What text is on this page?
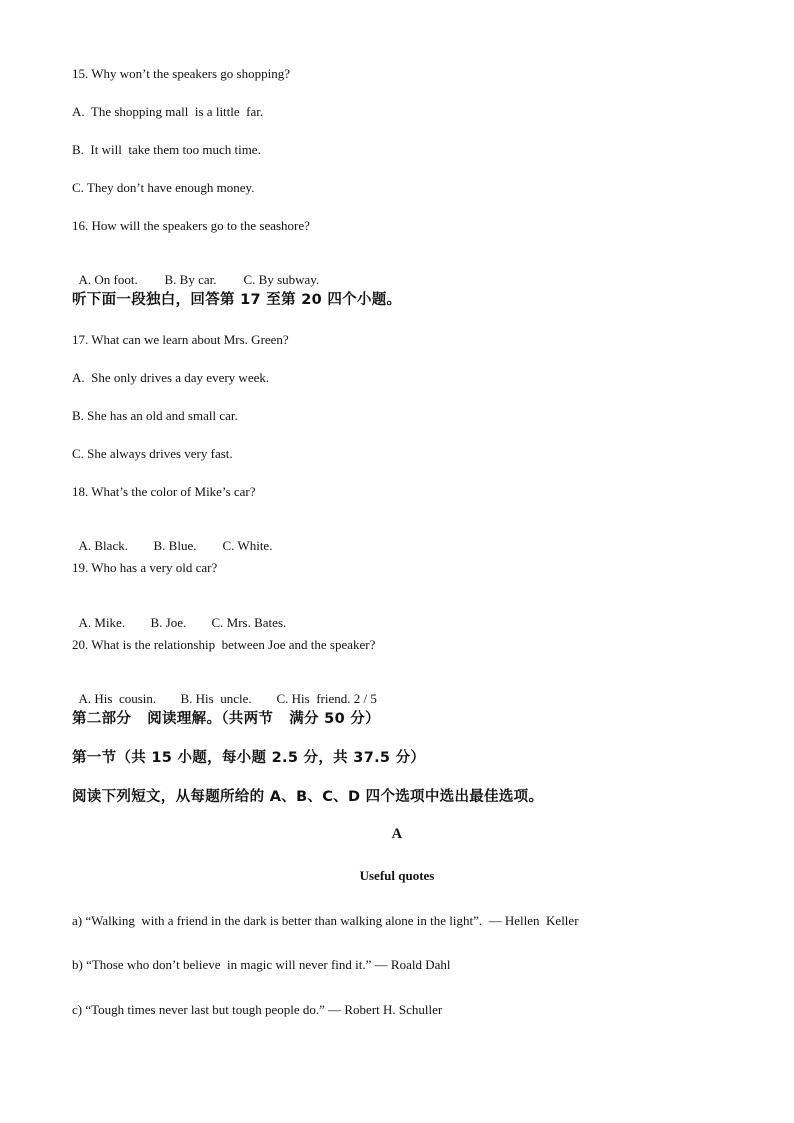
15. Why won’t the speakers go shopping?
A.  The shopping mall  is a little  far.
B.  It will  take them too much time.
C. They don’t have enough money.
16. How will the speakers go to the seashore?

A. On foot. B. By car. C. By subway.

听下面一段独白，回答第 17 至第 20 四个小题。
17. What can we learn about Mrs. Green?
A.  She only drives a day every week.
B. She has an old and small car.
C. She always drives very fast.
18. What’s the color of Mike’s car?

A. Black. B. Blue. C. White.

19. Who has a very old car?

A. Mike. B. Joe. C. Mrs. Bates.

20. What is the relationship  between Joe and the speaker?

A. His  cousin. B. His  uncle. C. His  friend. 2 / 5

第二部分   阅读理解。（共两节   满分 50 分）
第一节（共 15 小题，每小题 2.5 分，共 37.5 分）
阅读下列短文，从每题所给的 A、B、C、D 四个选项中选出最佳选项。
A
Useful quotes
a) “Walking  with a friend in the dark is better than walking alone in the light”.  — Hellen  Keller
b) “Those who don’t believe  in magic will never find it.” — Roald Dahl
c) “Tough times never last but tough people do.” — Robert H. Schuller
